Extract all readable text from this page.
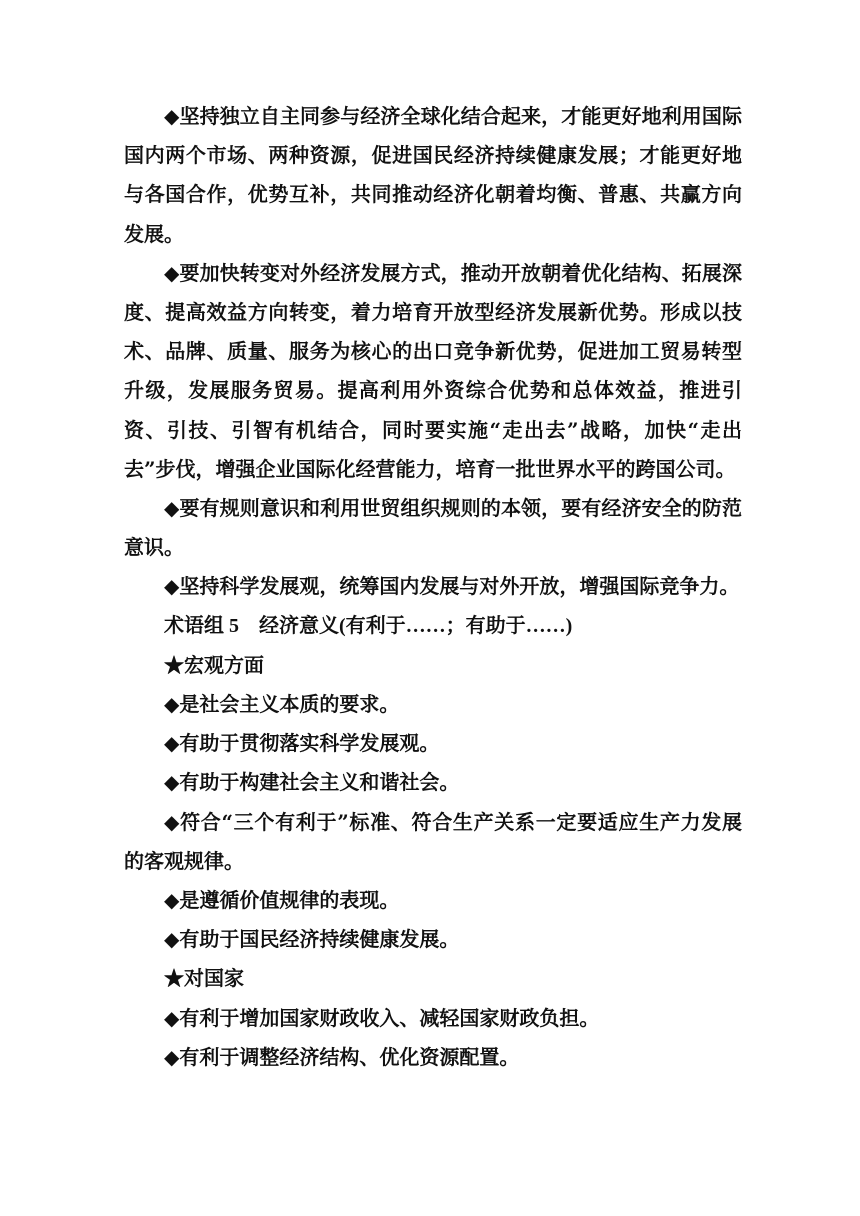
◆坚持独立自主同参与经济全球化结合起来，才能更好地利用国际国内两个市场、两种资源，促进国民经济持续健康发展；才能更好地与各国合作，优势互补，共同推动经济化朝着均衡、普惠、共赢方向发展。

◆要加快转变对外经济发展方式，推动开放朝着优化结构、拓展深度、提高效益方向转变，着力培育开放型经济发展新优势。形成以技术、品牌、质量、服务为核心的出口竞争新优势，促进加工贸易转型升级，发展服务贸易。提高利用外资综合优势和总体效益，推进引资、引技、引智有机结合，同时要实施“走出去”战略，加快“走出去”步伐，增强企业国际化经营能力，培育一批世界水平的跨国公司。

◆要有规则意识和利用世贸组织规则的本领，要有经济安全的防范意识。

◆坚持科学发展观，统筹国内发展与对外开放，增强国际竞争力。

术语组 5　经济意义(有利于……；有助于……)

★宏观方面

◆是社会主义本质的要求。

◆有助于贯彻落实科学发展观。

◆有助于构建社会主义和谐社会。

◆符合“三个有利于”标准、符合生产关系一定要适应生产力发展的客观规律。

◆是遵循价值规律的表现。

◆有助于国民经济持续健康发展。

★对国家

◆有利于增加国家财政收入、减轻国家财政负担。

◆有利于调整经济结构、优化资源配置。
